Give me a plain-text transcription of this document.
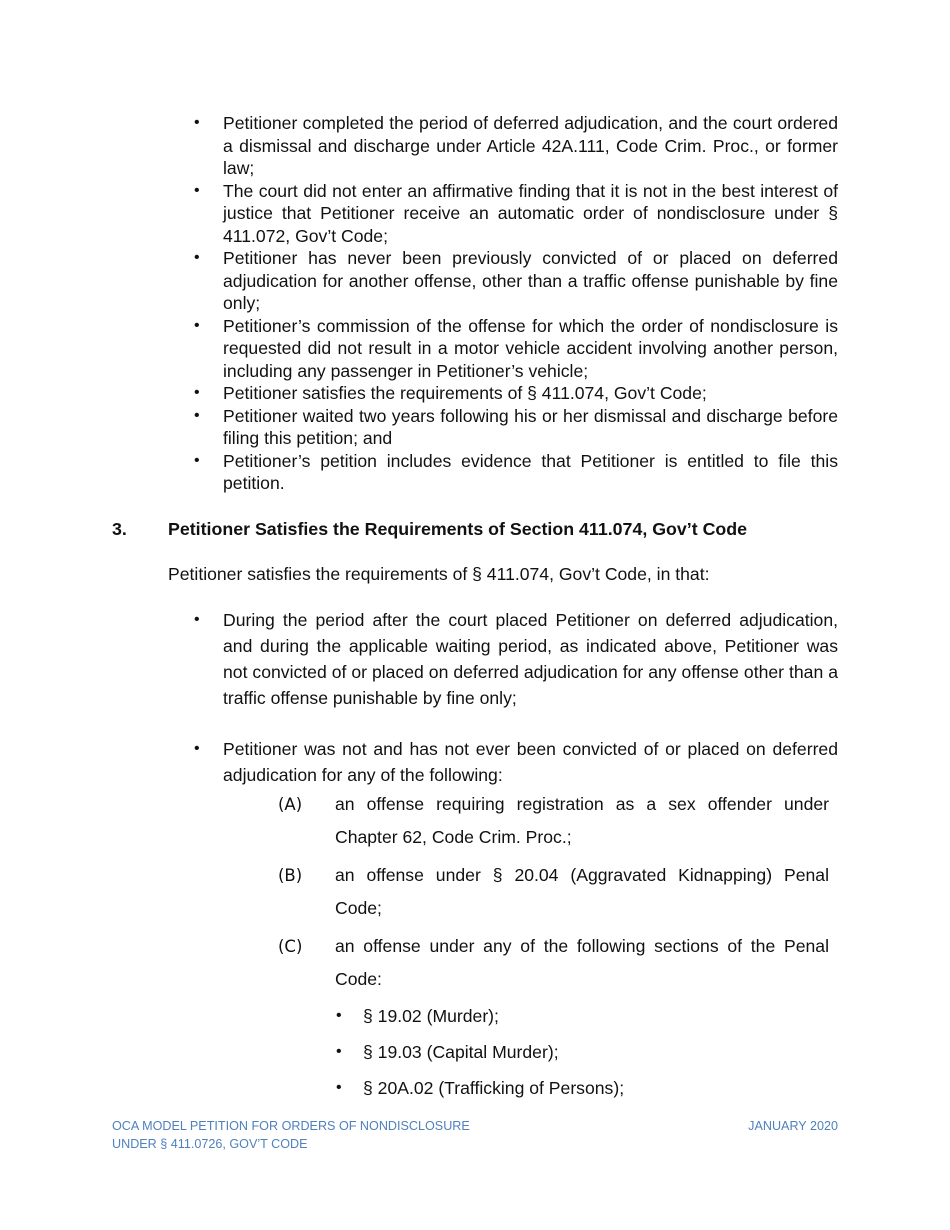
•	Petitioner completed the period of deferred adjudication, and the court ordered a dismissal and discharge under Article 42A.111, Code Crim. Proc., or former law;
•	The court did not enter an affirmative finding that it is not in the best interest of justice that Petitioner receive an automatic order of nondisclosure under § 411.072, Gov’t Code;
•	Petitioner has never been previously convicted of or placed on deferred adjudication for another offense, other than a traffic offense punishable by fine only;
•	Petitioner’s commission of the offense for which the order of nondisclosure is requested did not result in a motor vehicle accident involving another person, including any passenger in Petitioner’s vehicle;
•	Petitioner satisfies the requirements of § 411.074, Gov’t Code;
•	Petitioner waited two years following his or her dismissal and discharge before filing this petition; and
•	Petitioner’s petition includes evidence that Petitioner is entitled to file this petition.
3. Petitioner Satisfies the Requirements of Section 411.074, Gov’t Code
Petitioner satisfies the requirements of § 411.074, Gov’t Code, in that:
•	During the period after the court placed Petitioner on deferred adjudication, and during the applicable waiting period, as indicated above, Petitioner was not convicted of or placed on deferred adjudication for any offense other than a traffic offense punishable by fine only;
•	Petitioner was not and has not ever been convicted of or placed on deferred adjudication for any of the following:
(A) an offense requiring registration as a sex offender under Chapter 62, Code Crim. Proc.;
(B) an offense under § 20.04 (Aggravated Kidnapping) Penal Code;
(C) an offense under any of the following sections of the Penal Code:
•	§ 19.02 (Murder);
•	§ 19.03 (Capital Murder);
•	§ 20A.02 (Trafficking of Persons);
OCA MODEL PETITION FOR ORDERS OF NONDISCLOSURE
UNDER § 411.0726, GOV’T CODE
JANUARY 2020
